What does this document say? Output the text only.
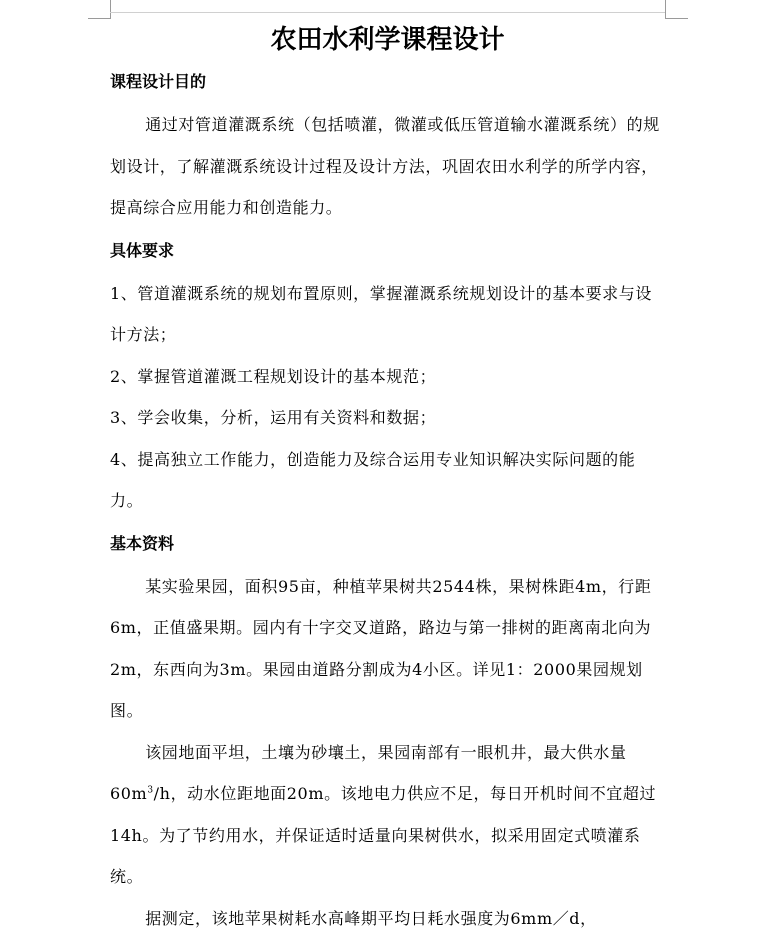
农田水利学课程设计
课程设计目的

通过对管道灌溉系统（包括喷灌，微灌或低压管道输水灌溉系统）的规划设计，了解灌溉系统设计过程及设计方法，巩固农田水利学的所学内容，提高综合应用能力和创造能力。

具体要求

1、管道灌溉系统的规划布置原则，掌握灌溉系统规划设计的基本要求与设计方法；

2、掌握管道灌溉工程规划设计的基本规范；

3、学会收集，分析，运用有关资料和数据；

4、提高独立工作能力，创造能力及综合运用专业知识解决实际问题的能力。

基本资料

某实验果园，面积95亩，种植苹果树共2544株，果树株距4m，行距6m，正值盛果期。园内有十字交叉道路，路边与第一排树的距离南北向为2m，东西向为3m。果园由道路分割成为4小区。详见1：2000果园规划图。

该园地面平坦，土壤为砂壤土，果园南部有一眼机井，最大供水量$60m^3/h$，动水位距地面20m。该地电力供应不足，每日开机时间不宜超过14h。为了节约用水，并保证适时适量向果树供水，拟采用固定式喷灌系统。

据测定，该地苹果树耗水高峰期平均日耗水强度为6mm／d，
